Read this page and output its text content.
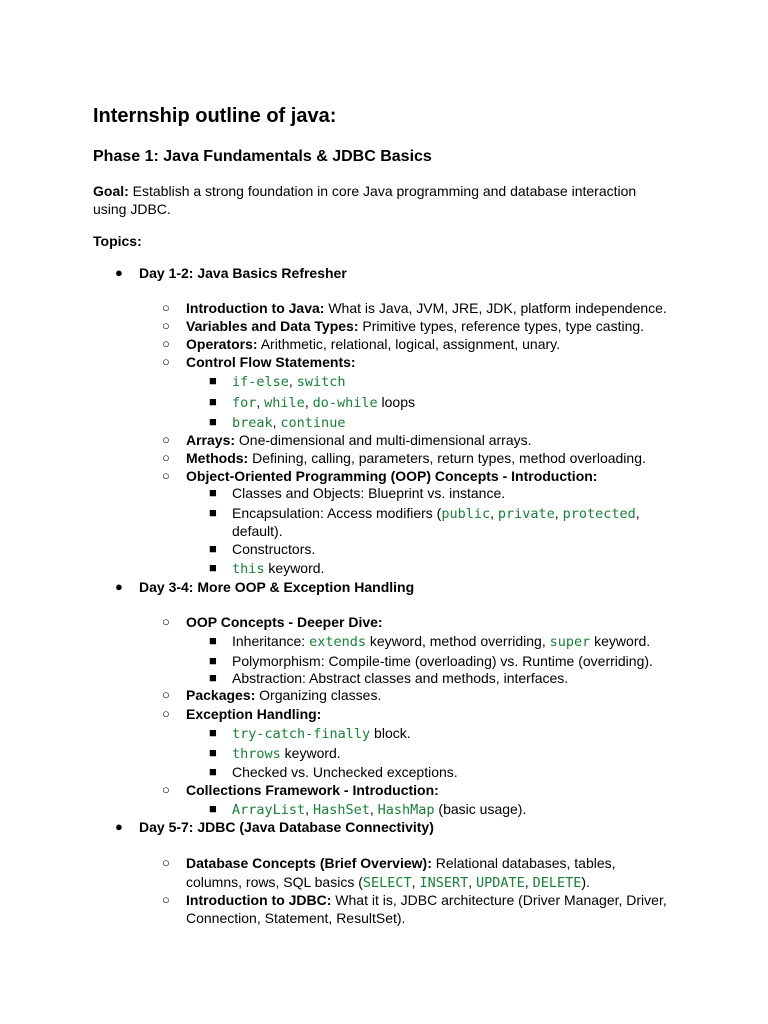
Internship outline of java:
Phase 1: Java Fundamentals & JDBC Basics
Goal: Establish a strong foundation in core Java programming and database interaction
using JDBC.
Topics:
● Day 1-2: Java Basics Refresher
○ Introduction to Java: What is Java, JVM, JRE, JDK, platform independence.
○ Variables and Data Types: Primitive types, reference types, type casting.
○ Operators: Arithmetic, relational, logical, assignment, unary.
○ Control Flow Statements:
■ if-else, switch
■ for, while, do-while loops
■ break, continue
○ Arrays: One-dimensional and multi-dimensional arrays.
○ Methods: Defining, calling, parameters, return types, method overloading.
○ Object-Oriented Programming (OOP) Concepts - Introduction:
■ Classes and Objects: Blueprint vs. instance.
■ Encapsulation: Access modifiers (public, private, protected,
default).
■ Constructors.
■ this keyword.
● Day 3-4: More OOP & Exception Handling
○ OOP Concepts - Deeper Dive:
■ Inheritance: extends keyword, method overriding, super keyword.
■ Polymorphism: Compile-time (overloading) vs. Runtime (overriding).
■ Abstraction: Abstract classes and methods, interfaces.
○ Packages: Organizing classes.
○ Exception Handling:
■ try-catch-finally block.
■ throws keyword.
■ Checked vs. Unchecked exceptions.
○ Collections Framework - Introduction:
■ ArrayList, HashSet, HashMap (basic usage).
● Day 5-7: JDBC (Java Database Connectivity)
○ Database Concepts (Brief Overview): Relational databases, tables,
columns, rows, SQL basics (SELECT, INSERT, UPDATE, DELETE).
○ Introduction to JDBC: What it is, JDBC architecture (Driver Manager, Driver,
Connection, Statement, ResultSet).
